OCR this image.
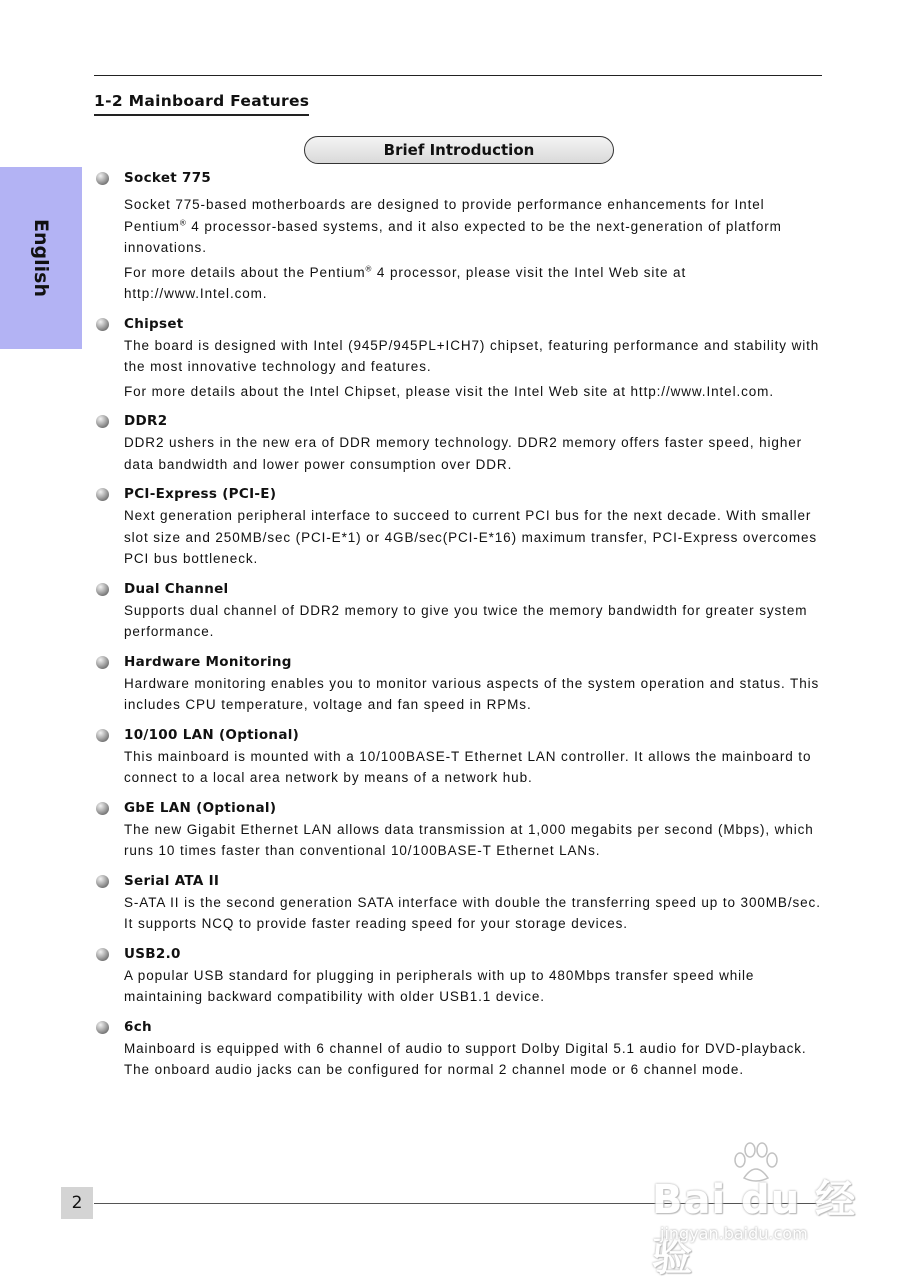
1-2 Mainboard Features
English
Brief Introduction
Socket 775

Socket 775-based motherboards are designed to provide performance enhancements for Intel Pentium® 4 processor-based systems, and it also expected to be the next-generation of platform innovations.

For more details about the Pentium® 4 processor, please visit the Intel Web site at http://www.Intel.com.

Chipset

The board is designed with Intel (945P/945PL+ICH7) chipset, featuring performance and stability with the most innovative technology and features.

For more details about the Intel Chipset, please visit the Intel Web site at http://www.Intel.com.

DDR2

DDR2 ushers in the new era of DDR memory technology. DDR2 memory offers faster speed, higher data bandwidth and lower power consumption over DDR.

PCI-Express (PCI-E)

Next generation peripheral interface to succeed to current PCI bus for the next decade. With smaller slot size and 250MB/sec (PCI-E*1) or 4GB/sec(PCI-E*16) maximum transfer, PCI-Express overcomes PCI bus bottleneck.

Dual Channel

Supports dual channel of DDR2 memory to give you twice the memory bandwidth for greater system performance.

Hardware Monitoring

Hardware monitoring enables you to monitor various aspects of the system operation and status. This includes CPU temperature, voltage and fan speed in RPMs.

10/100 LAN (Optional)

This mainboard is mounted with a 10/100BASE-T Ethernet LAN controller. It allows the mainboard to connect to a local area network by means of a network hub.

GbE LAN (Optional)

The new Gigabit Ethernet LAN allows data transmission at 1,000 megabits per second (Mbps), which runs 10 times faster than conventional 10/100BASE-T Ethernet LANs.

Serial ATA II

S-ATA II is the second generation SATA interface with double the transferring speed up to 300MB/sec. It supports NCQ to provide faster reading speed for your storage devices.

USB2.0

A popular USB standard for plugging in peripherals with up to 480Mbps transfer speed while maintaining backward compatibility with older USB1.1 device.

6ch

Mainboard is equipped with 6 channel of audio to support Dolby Digital 5.1 audio for DVD-playback. The onboard audio jacks can be configured for normal 2 channel mode or 6 channel mode.

2	Bai du 经验
jingyan.baidu.com
